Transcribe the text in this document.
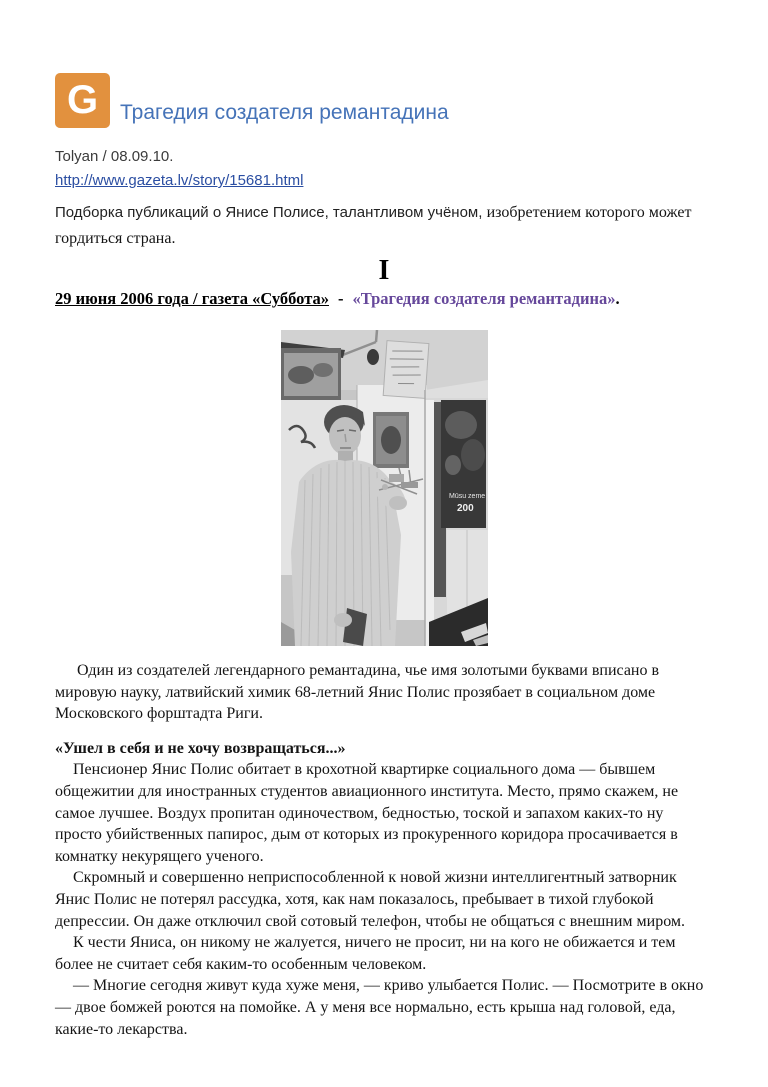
G Трагедия создателя ремантадина
Tolyan / 08.09.10.
http://www.gazeta.lv/story/15681.html

Подборка публикаций о Янисе Полисе, талантливом учёном, изобретением которого может гордиться страна.

I

29 июня 2006 года / газета «Суббота» - «Трагедия создателя ремантадина».

Mūsu zeme
200

Один из создателей легендарного ремантадина, чье имя золотыми буквами вписано в мировую науку, латвийский химик 68-летний Янис Полис прозябает в социальном доме Московского форштадта Риги.

«Ушел в себя и не хочу возвращаться...»

Пенсионер Янис Полис обитает в крохотной квартирке социального дома — бывшем общежитии для иностранных студентов авиационного института. Место, прямо скажем, не самое лучшее. Воздух пропитан одиночеством, бедностью, тоской и запахом каких-то ну просто убийственных папирос, дым от которых из прокуренного коридора просачивается в комнатку некурящего ученого.

Скромный и совершенно неприспособленной к новой жизни интеллигентный затворник Янис Полис не потерял рассудка, хотя, как нам показалось, пребывает в тихой глубокой депрессии. Он даже отключил свой сотовый телефон, чтобы не общаться с внешним миром.

К чести Яниса, он никому не жалуется, ничего не просит, ни на кого не обижается и тем более не считает себя каким-то особенным человеком.

— Многие сегодня живут куда хуже меня, — криво улыбается Полис. — Посмотрите в окно — двое бомжей роются на помойке. А у меня все нормально, есть крыша над головой, еда, какие-то лекарства.
